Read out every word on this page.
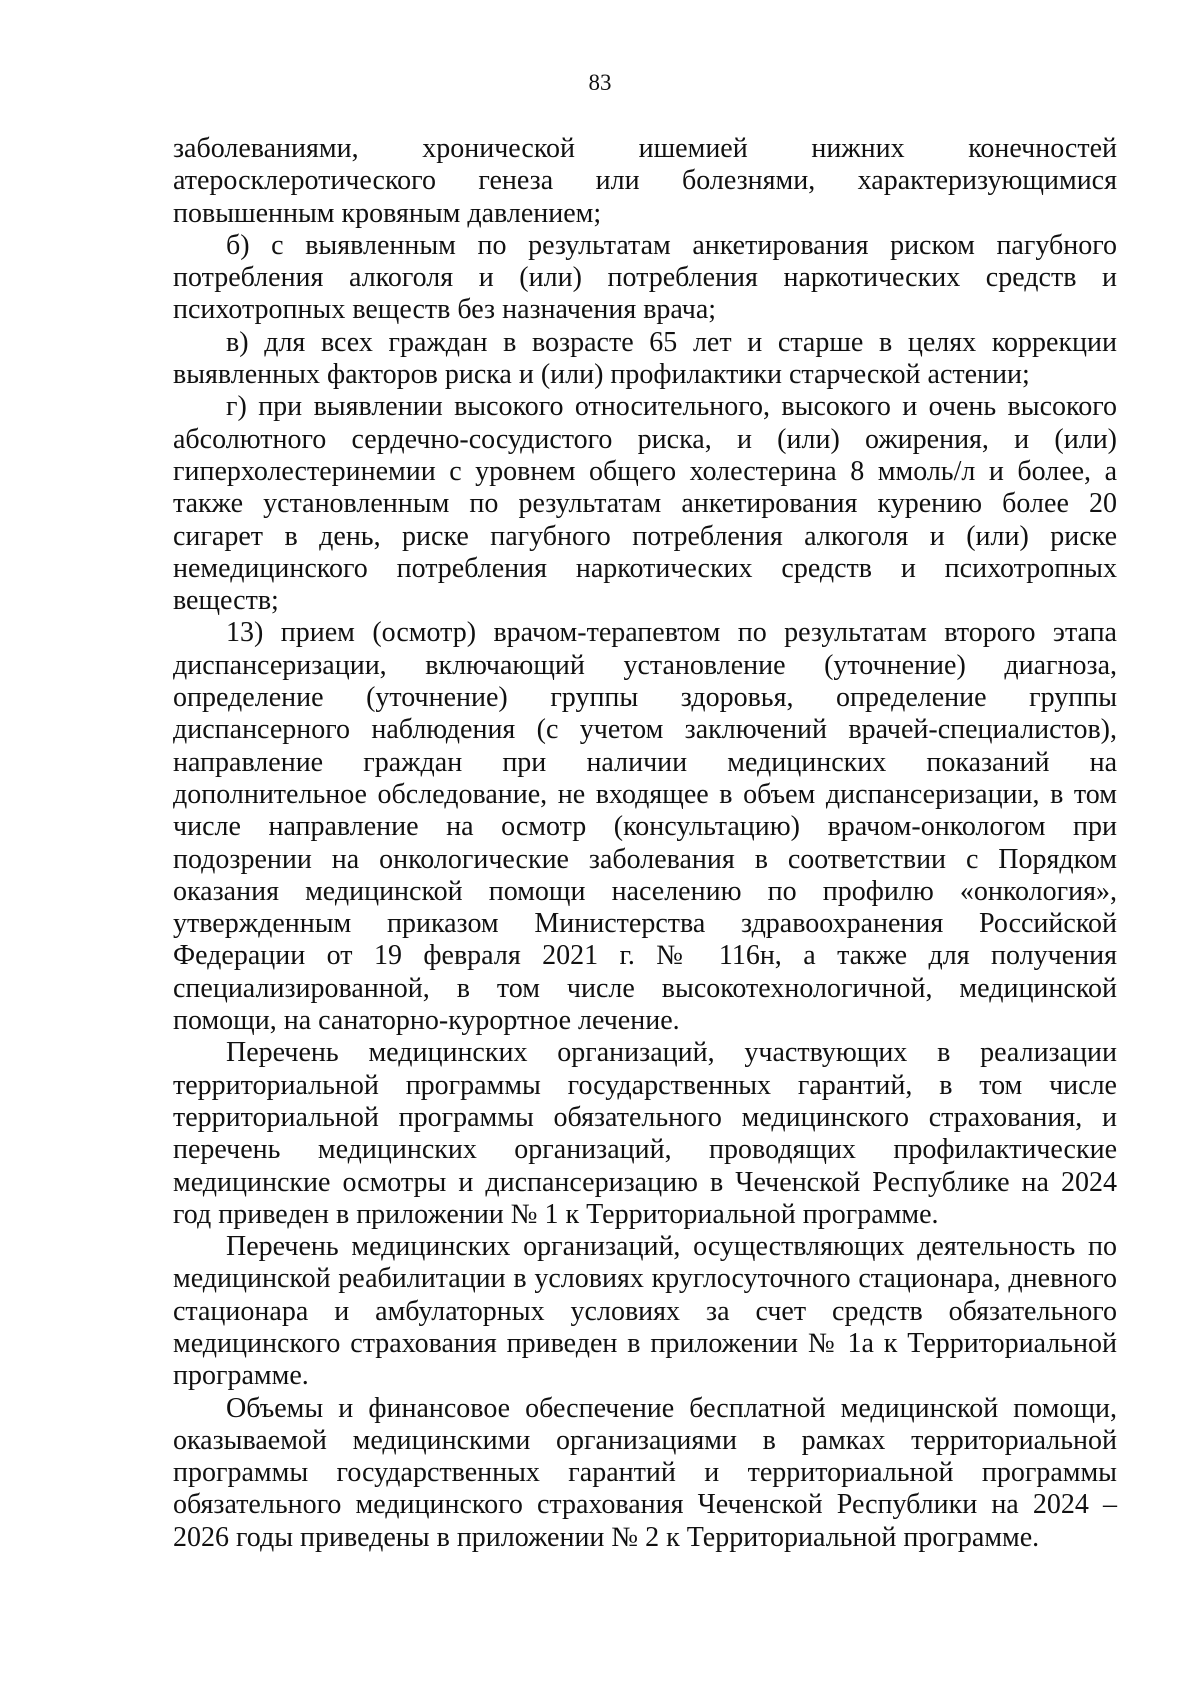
83

заболеваниями, хронической ишемией нижних конечностей атеросклеротического генеза или болезнями, характеризующимися повышенным кровяным давлением;

б) с выявленным по результатам анкетирования риском пагубного потребления алкоголя и (или) потребления наркотических средств и психотропных веществ без назначения врача;

в) для всех граждан в возрасте 65 лет и старше в целях коррекции выявленных факторов риска и (или) профилактики старческой астении;

г) при выявлении высокого относительного, высокого и очень высокого абсолютного сердечно-сосудистого риска, и (или) ожирения, и (или) гиперхолестеринемии с уровнем общего холестерина 8 ммоль/л и более, а также установленным по результатам анкетирования курению более 20 сигарет в день, риске пагубного потребления алкоголя и (или) риске немедицинского потребления наркотических средств и психотропных веществ;

13) прием (осмотр) врачом-терапевтом по результатам второго этапа диспансеризации, включающий установление (уточнение) диагноза, определение (уточнение) группы здоровья, определение группы диспансерного наблюдения (с учетом заключений врачей-специалистов), направление граждан при наличии медицинских показаний на дополнительное обследование, не входящее в объем диспансеризации, в том числе направление на осмотр (консультацию) врачом-онкологом при подозрении на онкологические заболевания в соответствии с Порядком оказания медицинской помощи населению по профилю «онкология», утвержденным приказом Министерства здравоохранения Российской Федерации от 19 февраля 2021 г. № 116н, а также для получения специализированной, в том числе высокотехнологичной, медицинской помощи, на санаторно-курортное лечение.

Перечень медицинских организаций, участвующих в реализации территориальной программы государственных гарантий, в том числе территориальной программы обязательного медицинского страхования, и перечень медицинских организаций, проводящих профилактические медицинские осмотры и диспансеризацию в Чеченской Республике на 2024 год приведен в приложении № 1 к Территориальной программе.

Перечень медицинских организаций, осуществляющих деятельность по медицинской реабилитации в условиях круглосуточного стационара, дневного стационара и амбулаторных условиях за счет средств обязательного медицинского страхования приведен в приложении № 1а к Территориальной программе.

Объемы и финансовое обеспечение бесплатной медицинской помощи, оказываемой медицинскими организациями в рамках территориальной программы государственных гарантий и территориальной программы обязательного медицинского страхования Чеченской Республики на 2024 – 2026 годы приведены в приложении № 2 к Территориальной программе.
